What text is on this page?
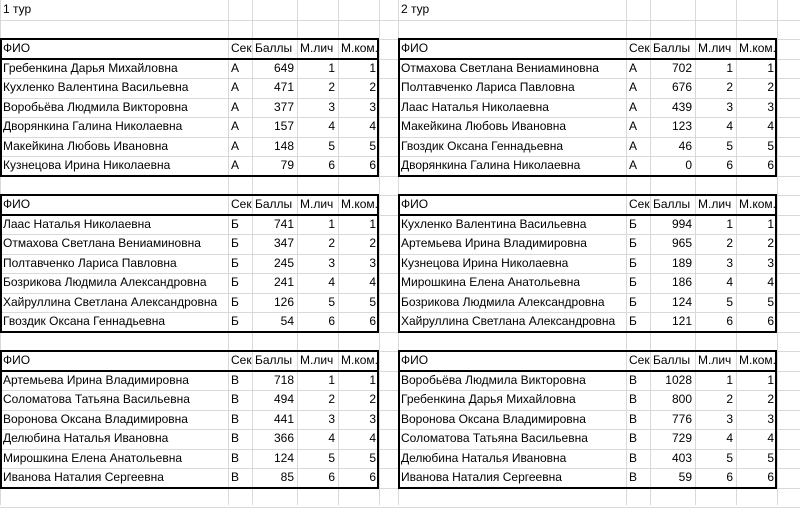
1 тур
ФИО	Сек Баллы М.лич М.ком.
Гребенкина Дарья Михайловна	А	649	1	1
Кухленко Валентина Васильевна	А	471	2	2
Воробьёва Людмила Викторовна	А	377	3	3
Дворянкина Галина Николаевна	А	157	4	4
Макейкина Любовь Ивановна	А	148	5	5
Кузнецова Ирина Николаевна	А	79	6	6
ФИО	Сек Баллы М.лич М.ком.
Лаас Наталья Николаевна	Б	741	1	1
Отмахова Светлана Вениаминовна	Б	347	2	2
Полтавченко Лариса Павловна	Б	245	3	3
Бозрикова Людмила Александровна	Б	241	4	4
Хайруллина Светлана Александровна	Б	126	5	5
Гвоздик Оксана Геннадьевна	Б	54	6	6
ФИО	Сек Баллы М.лич М.ком.
Артемьева Ирина Владимировна	В	718	1	1
Соломатова Татьяна Васильевна	В	494	2	2
Воронова Оксана Владимировна	В	441	3	3
Делюбина Наталья Ивановна	В	366	4	4
Мирошкина Елена Анатольевна	В	124	5	5
Иванова Наталия Сергеевна	В	85	6	6
2 тур
ФИО	Сек Баллы М.лич М.ком.
Отмахова Светлана Вениаминовна	А	702	1	1
Полтавченко Лариса Павловна	А	676	2	2
Лаас Наталья Николаевна	А	439	3	3
Макейкина Любовь Ивановна	А	123	4	4
Гвоздик Оксана Геннадьевна	А	46	5	5
Дворянкина Галина Николаевна	А	0	6	6
ФИО	Сек Баллы М.лич М.ком.
Кухленко Валентина Васильевна	Б	994	1	1
Артемьева Ирина Владимировна	Б	965	2	2
Кузнецова Ирина Николаевна	Б	189	3	3
Мирошкина Елена Анатольевна	Б	186	4	4
Бозрикова Людмила Александровна	Б	124	5	5
Хайруллина Светлана Александровна	Б	121	6	6
ФИО	Сек Баллы М.лич М.ком.
Воробьёва Людмила Викторовна	В	1028	1	1
Гребенкина Дарья Михайловна	В	800	2	2
Воронова Оксана Владимировна	В	776	3	3
Соломатова Татьяна Васильевна	В	729	4	4
Делюбина Наталья Ивановна	В	403	5	5
Иванова Наталия Сергеевна	В	59	6	6
